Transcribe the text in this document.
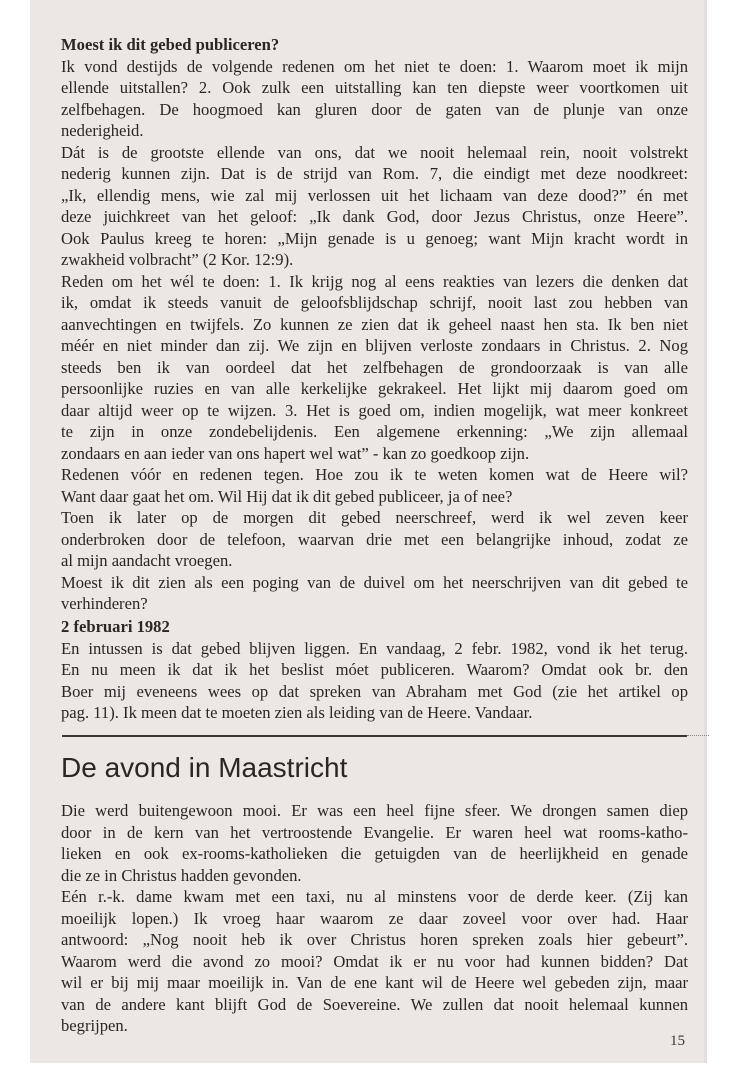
Moest ik dit gebed publiceren?
Ik vond destijds de volgende redenen om het niet te doen: 1. Waarom moet ik mijn
ellende uitstallen? 2. Ook zulk een uitstalling kan ten diepste weer voortkomen uit
zelfbehagen. De hoogmoed kan gluren door de gaten van de plunje van onze
nederigheid.
Dát is de grootste ellende van ons, dat we nooit helemaal rein, nooit volstrekt
nederig kunnen zijn. Dat is de strijd van Rom. 7, die eindigt met deze noodkreet:
„Ik, ellendig mens, wie zal mij verlossen uit het lichaam van deze dood?” én met
deze juichkreet van het geloof: „Ik dank God, door Jezus Christus, onze Heere”.
Ook Paulus kreeg te horen: „Mijn genade is u genoeg; want Mijn kracht wordt in
zwakheid volbracht” (2 Kor. 12:9).
Reden om het wél te doen: 1. Ik krijg nog al eens reakties van lezers die denken dat
ik, omdat ik steeds vanuit de geloofsblijdschap schrijf, nooit last zou hebben van
aanvechtingen en twijfels. Zo kunnen ze zien dat ik geheel naast hen sta. Ik ben niet
méér en niet minder dan zij. We zijn en blijven verloste zondaars in Christus. 2. Nog
steeds ben ik van oordeel dat het zelfbehagen de grondoorzaak is van alle
persoonlijke ruzies en van alle kerkelijke gekrakeel. Het lijkt mij daarom goed om
daar altijd weer op te wijzen. 3. Het is goed om, indien mogelijk, wat meer konkreet
te zijn in onze zondebelijdenis. Een algemene erkenning: „We zijn allemaal
zondaars en aan ieder van ons hapert wel wat” - kan zo goedkoop zijn.
Redenen vóór en redenen tegen. Hoe zou ik te weten komen wat de Heere wil?
Want daar gaat het om. Wil Hij dat ik dit gebed publiceer, ja of nee?
Toen ik later op de morgen dit gebed neerschreef, werd ik wel zeven keer
onderbroken door de telefoon, waarvan drie met een belangrijke inhoud, zodat ze
al mijn aandacht vroegen.
Moest ik dit zien als een poging van de duivel om het neerschrijven van dit gebed te
verhinderen?
2 februari 1982
En intussen is dat gebed blijven liggen. En vandaag, 2 febr. 1982, vond ik het terug.
En nu meen ik dat ik het beslist móet publiceren. Waarom? Omdat ook br. den
Boer mij eveneens wees op dat spreken van Abraham met God (zie het artikel op
pag. 11). Ik meen dat te moeten zien als leiding van de Heere. Vandaar.
De avond in Maastricht
Die werd buitengewoon mooi. Er was een heel fijne sfeer. We drongen samen diep
door in de kern van het vertroostende Evangelie. Er waren heel wat rooms-katho-
lieken en ook ex-rooms-katholieken die getuigden van de heerlijkheid en genade
die ze in Christus hadden gevonden.
Eén r.-k. dame kwam met een taxi, nu al minstens voor de derde keer. (Zij kan
moeilijk lopen.) Ik vroeg haar waarom ze daar zoveel voor over had. Haar
antwoord: „Nog nooit heb ik over Christus horen spreken zoals hier gebeurt”.
Waarom werd die avond zo mooi? Omdat ik er nu voor had kunnen bidden? Dat
wil er bij mij maar moeilijk in. Van de ene kant wil de Heere wel gebeden zijn, maar
van de andere kant blijft God de Soevereine. We zullen dat nooit helemaal kunnen
begrijpen.
15
